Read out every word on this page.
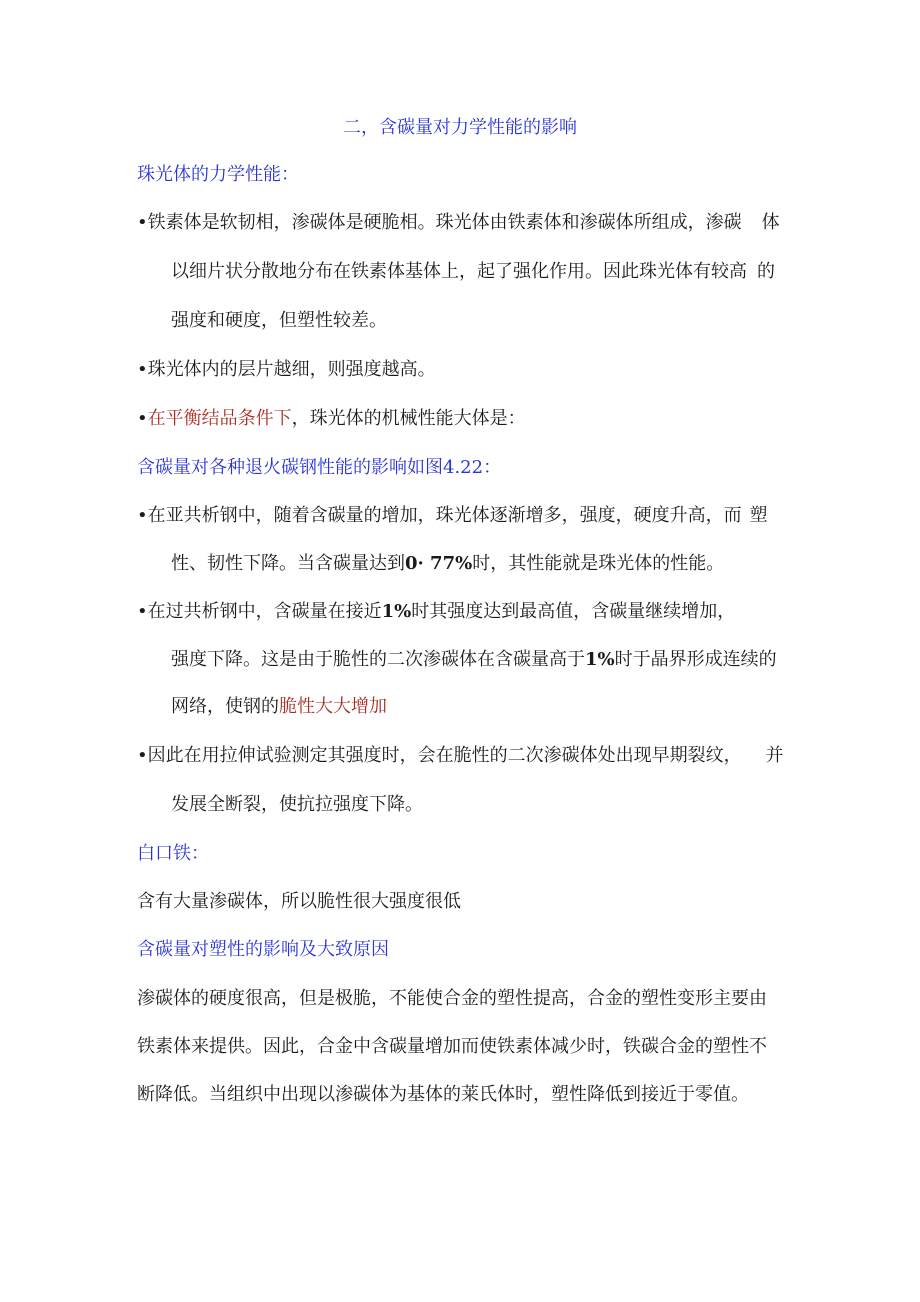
二，含碳量对力学性能的影响
珠光体的力学性能：
•铁素体是软韧相，渗碳体是硬脆相。珠光体由铁素体和渗碳体所组成，渗碳 体
以细片状分散地分布在铁素体基体上，起了强化作用。因此珠光体有较高 的
强度和硬度，但塑性较差。
•珠光体内的层片越细，则强度越高。
•在平衡结品条件下，珠光体的机械性能大体是：
含碳量对各种退火碳钢性能的影响如图4.22：
•在亚共析钢中，随着含碳量的增加，珠光体逐渐增多，强度，硬度升高，而 塑
性、韧性下降。当含碳量达到0· 77%时，其性能就是珠光体的性能。
•在过共析钢中，含碳量在接近1%时其强度达到最高值，含碳量继续增加，
强度下降。这是由于脆性的二次渗碳体在含碳量高于1%时于晶界形成连续的
网络，使钢的脆性大大增加
•因此在用拉伸试验测定其强度时，会在脆性的二次渗碳体处出现早期裂纹， 并
发展全断裂，使抗拉强度下降。
白口铁：
含有大量渗碳体，所以脆性很大强度很低
含碳量对塑性的影响及大致原因
渗碳体的硬度很高，但是极脆，不能使合金的塑性提高，合金的塑性变形主要由
铁素体来提供。因此，合金中含碳量增加而使铁素体减少时，铁碳合金的塑性不
断降低。当组织中出现以渗碳体为基体的莱氏体时，塑性降低到接近于零值。
